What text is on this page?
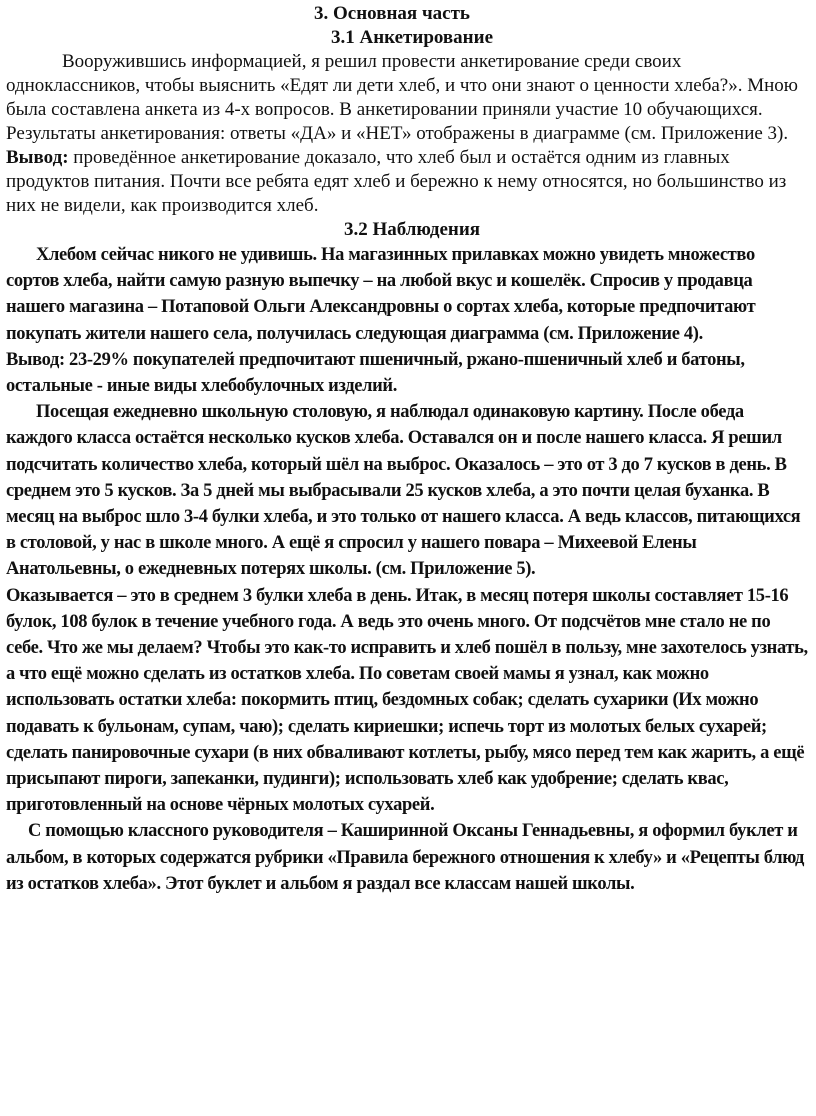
3. Основная часть
3.1 Анкетирование

Вооружившись информацией, я решил провести анкетирование среди своих одноклассников, чтобы выяснить «Едят ли дети хлеб, и что они знают о ценности хлеба?». Мною была составлена анкета из 4-х вопросов. В анкетировании приняли участие 10 обучающихся. Результаты анкетирования: ответы «ДА» и «НЕТ» отображены в диаграмме (см. Приложение 3).

Вывод: проведённое анкетирование доказало, что хлеб был и остаётся одним из главных продуктов питания. Почти все ребята едят хлеб и бережно к нему относятся, но большинство из них не видели, как производится хлеб.

3.2 Наблюдения

Хлебом сейчас никого не удивишь. На магазинных прилавках можно увидеть множество сортов хлеба, найти самую разную выпечку – на любой вкус и кошелёк. Спросив у продавца нашего магазина – Потаповой Ольги Александровны о сортах хлеба, которые предпочитают покупать жители нашего села, получилась следующая диаграмма (см. Приложение 4).

Вывод: 23-29% покупателей предпочитают пшеничный, ржано-пшеничный хлеб и батоны, остальные - иные виды хлебобулочных изделий.

Посещая ежедневно школьную столовую, я наблюдал одинаковую картину. После обеда каждого класса остаётся несколько кусков хлеба. Оставался он и после нашего класса. Я решил подсчитать количество хлеба, который шёл на выброс. Оказалось – это от 3 до 7 кусков в день. В среднем это 5 кусков. За 5 дней мы выбрасывали 25 кусков хлеба, а это почти целая буханка. В месяц на выброс шло 3-4 булки хлеба, и это только от нашего класса. А ведь классов, питающихся в столовой, у нас в школе много. А ещё я спросил у нашего повара – Михеевой Елены Анатольевны, о ежедневных потерях школы. (см. Приложение 5).

Оказывается – это в среднем 3 булки хлеба в день. Итак, в месяц потеря школы составляет 15-16 булок, 108 булок в течение учебного года. А ведь это очень много. От подсчётов мне стало не по себе. Что же мы делаем? Чтобы это как-то исправить и хлеб пошёл в пользу, мне захотелось узнать, а что ещё можно сделать из остатков хлеба. По советам своей мамы я узнал, как можно использовать остатки хлеба: покормить птиц, бездомных собак; сделать сухарики (Их можно подавать к бульонам, супам, чаю); сделать кириешки; испечь торт из молотых белых сухарей; сделать панировочные сухари (в них обваливают котлеты, рыбу, мясо перед тем как жарить, а ещё присыпают пироги, запеканки, пудинги); использовать хлеб как удобрение; сделать квас, приготовленный на основе чёрных молотых сухарей.

С помощью классного руководителя – Каширинной Оксаны Геннадьевны, я оформил буклет и альбом, в которых содержатся рубрики «Правила бережного отношения к хлебу» и «Рецепты блюд из остатков хлеба». Этот буклет и альбом я раздал все классам нашей школы.
